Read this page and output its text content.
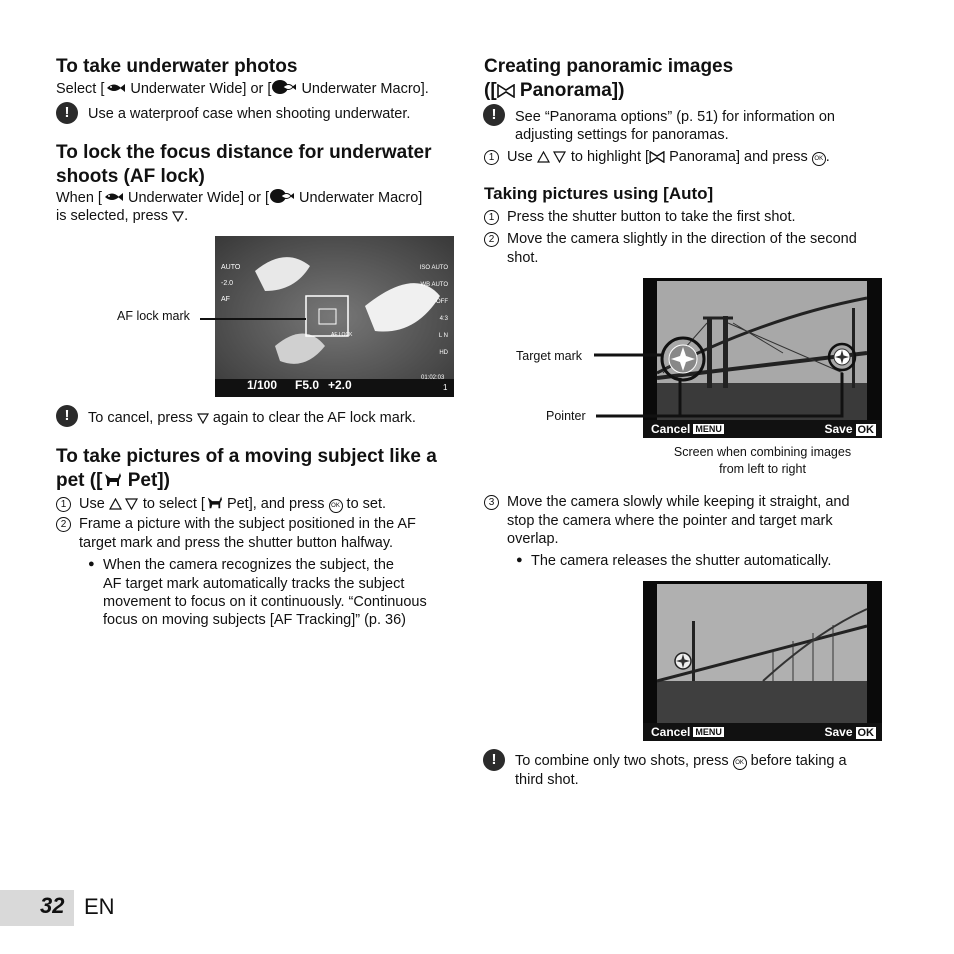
To take underwater photos
Select [ Underwater Wide] or [ Underwater Macro].
!	Use a waterproof case when shooting underwater.
To lock the focus distance for underwater
shoots (AF lock)
When [ Underwater Wide] or [ Underwater Macro]
is selected, press .
AF LOCK
AUTO
-2.0
AF
ISO AUTO
WB AUTO
OFF
4:3
L N
HD
1/100 F5.0 +2.0	01:02:03
1
AF lock mark
!	To cancel, press  again to clear the AF lock mark.
To take pictures of a moving subject like a
pet ([ Pet])
1 Use  to select [ Pet], and press OK to set.
2 Frame a picture with the subject positioned in the AF
target mark and press the shutter button halfway.
● When the camera recognizes the subject, the
AF target mark automatically tracks the subject
movement to focus on it continuously. “Continuous
focus on moving subjects [AF Tracking]” (p. 36)
Creating panoramic images
([ Panorama])
!	See “Panorama options” (p. 51) for information on
adjusting settings for panoramas.
1 Use  to highlight [ Panorama] and press OK .
Taking pictures using [Auto]
1 Press the shutter button to take the first shot.
2 Move the camera slightly in the direction of the second
shot.
Cancel MENU	Save OK
Target mark
Pointer
Screen when combining images
from left to right
3 Move the camera slowly while keeping it straight, and
stop the camera where the pointer and target mark
overlap.
● The camera releases the shutter automatically.
Cancel MENU	Save OK
!	To combine only two shots, press OK before taking a
third shot.
32 EN
